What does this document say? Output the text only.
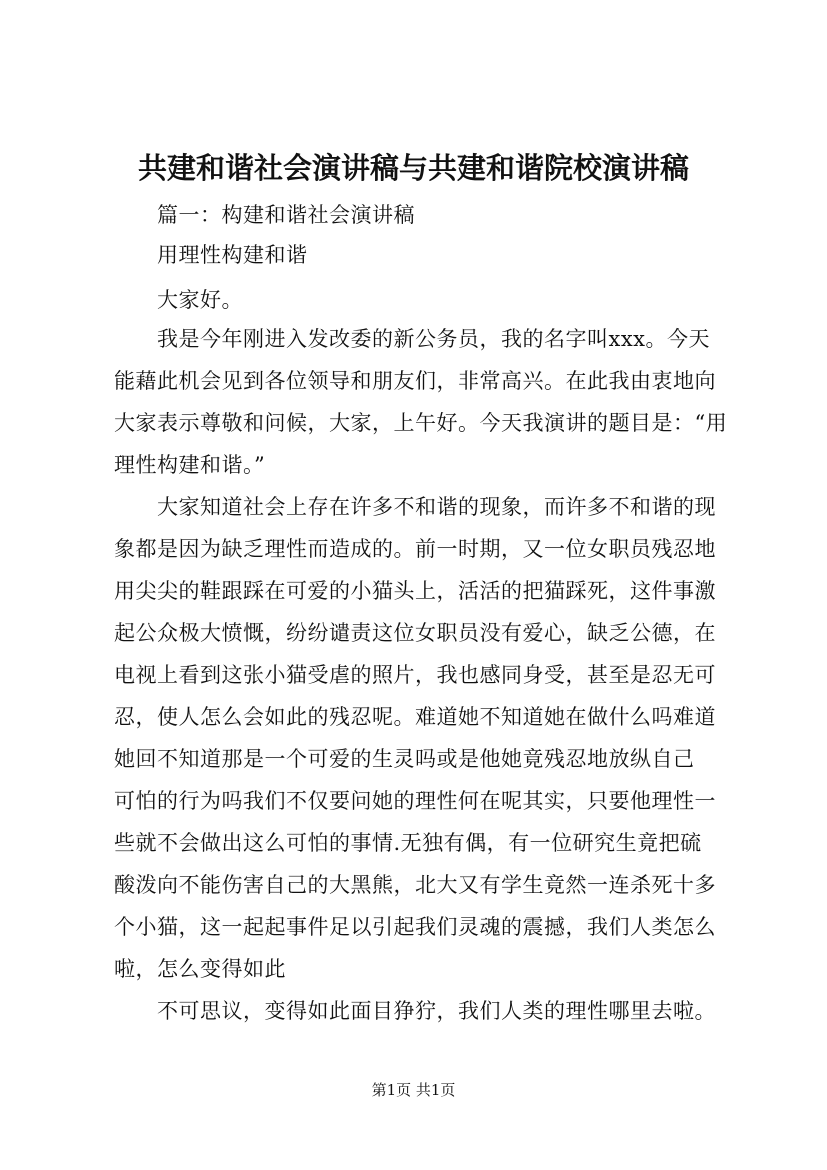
共建和谐社会演讲稿与共建和谐院校演讲稿
篇一：构建和谐社会演讲稿
用理性构建和谐
大家好。
我是今年刚进入发改委的新公务员，我的名字叫xxx。今天
能藉此机会见到各位领导和朋友们，非常高兴。在此我由衷地向
大家表示尊敬和问候，大家，上午好。今天我演讲的题目是：“用
理性构建和谐。”
大家知道社会上存在许多不和谐的现象，而许多不和谐的现
象都是因为缺乏理性而造成的。前一时期，又一位女职员残忍地
用尖尖的鞋跟踩在可爱的小猫头上，活活的把猫踩死，这件事激
起公众极大愤慨，纷纷谴责这位女职员没有爱心，缺乏公德，在
电视上看到这张小猫受虐的照片，我也感同身受，甚至是忍无可
忍，使人怎么会如此的残忍呢。难道她不知道她在做什么吗难道
她回不知道那是一个可爱的生灵吗或是他她竟残忍地放纵自己
可怕的行为吗我们不仅要问她的理性何在呢其实，只要他理性一
些就不会做出这么可怕的事情.无独有偶，有一位研究生竟把硫
酸泼向不能伤害自己的大黑熊，北大又有学生竟然一连杀死十多
个小猫，这一起起事件足以引起我们灵魂的震撼，我们人类怎么
啦，怎么变得如此
不可思议，变得如此面目狰狞，我们人类的理性哪里去啦。
第1页 共1页
